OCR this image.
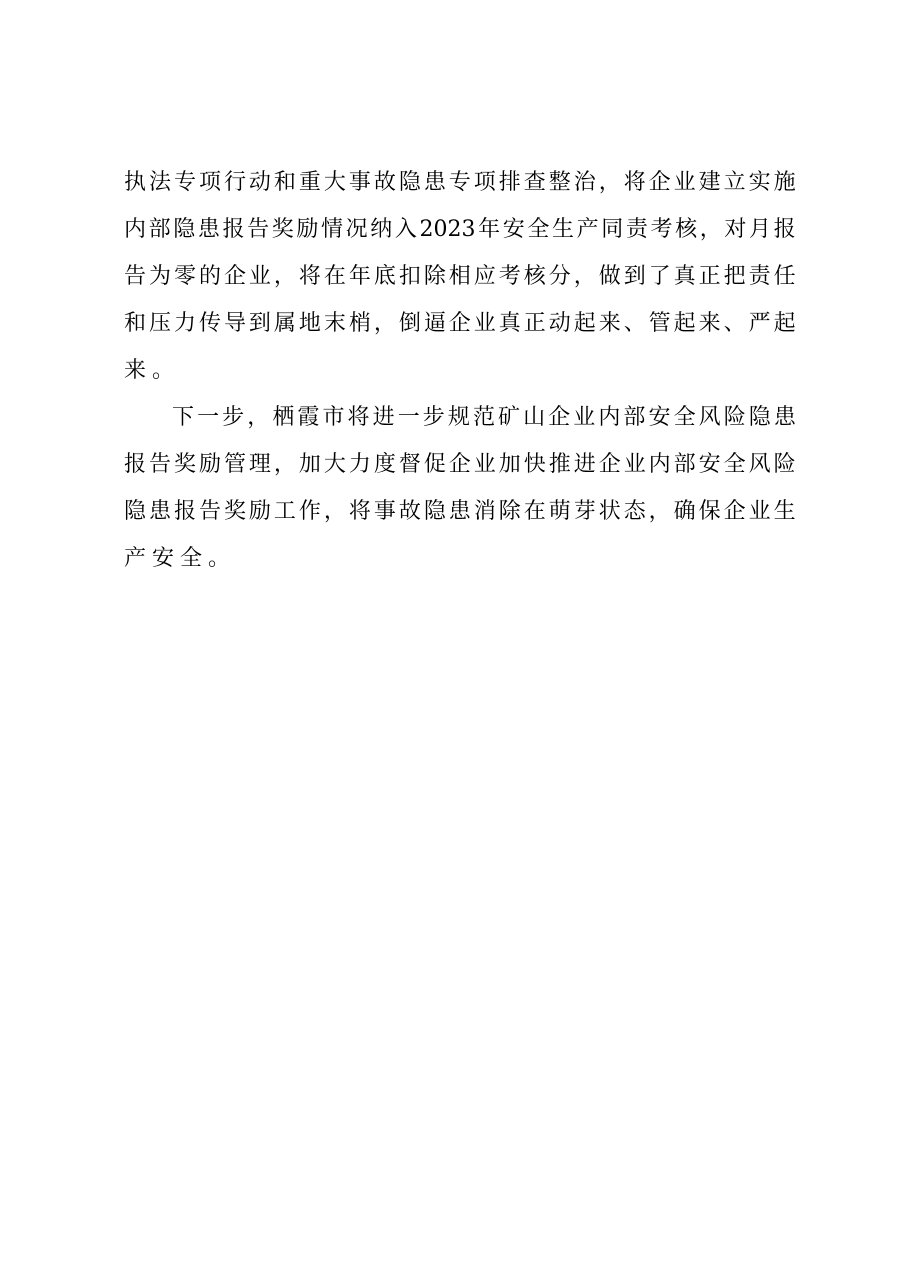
执 法 专 项 行 动 和 重 大 事 故 隐 患 专 项 排 查 整 治 ， 将 企 业 建 立 实 施
内 部 隐 患 报 告 奖 励 情 况 纳 入 2023 年 安 全 生 产 同 责 考 核 ， 对 月 报
告 为 零 的 企 业 ， 将 在 年 底 扣 除 相 应 考 核 分 ， 做 到 了 真 正 把 责 任
和 压 力 传 导 到 属 地 末 梢 ， 倒 逼 企 业 真 正 动 起 来 、 管 起 来 、 严 起
来。
下 一 步 ， 栖 霞 市 将 进 一 步 规 范 矿 山 企 业 内 部 安 全 风 险 隐 患
报 告 奖 励 管 理 ， 加 大 力 度 督 促 企 业 加 快 推 进 企 业 内 部 安 全 风 险
隐 患 报 告 奖 励 工 作 ， 将 事 故 隐 患 消 除 在 萌 芽 状 态 ， 确 保 企 业 生
产安全。
